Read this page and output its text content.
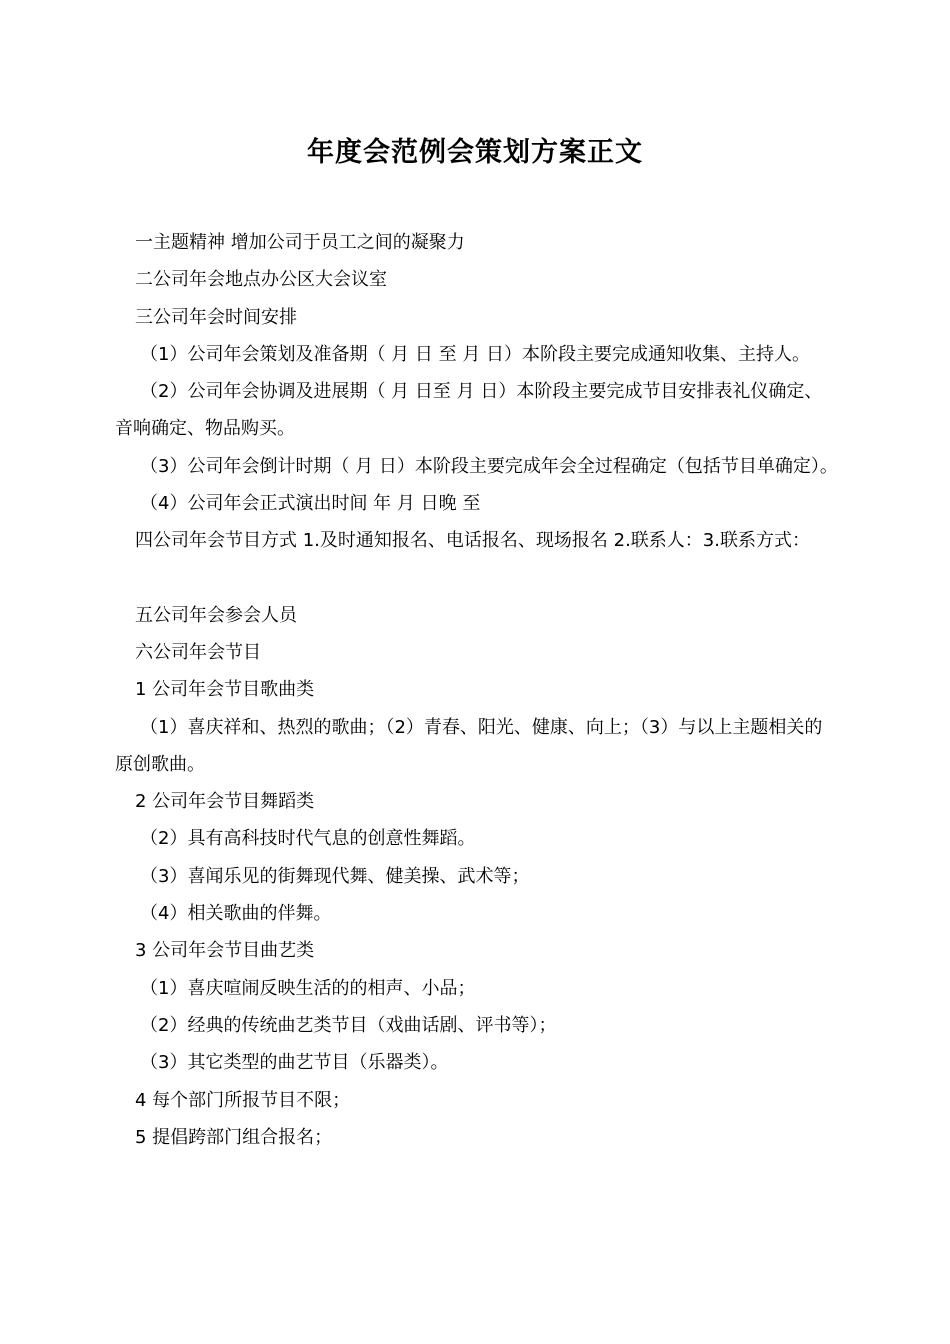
年度会范例会策划方案正文

一主题精神 增加公司于员工之间的凝聚力

二公司年会地点办公区大会议室

三公司年会时间安排

（1）公司年会策划及准备期（ 月 日 至 月 日）本阶段主要完成通知收集、主持人。

（2）公司年会协调及进展期（ 月 日至 月 日）本阶段主要完成节目安排表礼仪确定、音响确定、物品购买。

（3）公司年会倒计时期（ 月 日）本阶段主要完成年会全过程确定（包括节目单确定）。

（4）公司年会正式演出时间 年 月 日晚 至

四公司年会节目方式 1.及时通知报名、电话报名、现场报名 2.联系人：3.联系方式：

五公司年会参会人员

六公司年会节目

1 公司年会节目歌曲类

（1）喜庆祥和、热烈的歌曲；（2）青春、阳光、健康、向上；（3）与以上主题相关的原创歌曲。

2 公司年会节目舞蹈类

（2）具有高科技时代气息的创意性舞蹈。

（3）喜闻乐见的街舞现代舞、健美操、武术等；

（4）相关歌曲的伴舞。

3 公司年会节目曲艺类

（1）喜庆喧闹反映生活的的相声、小品；

（2）经典的传统曲艺类节目（戏曲话剧、评书等）；

（3）其它类型的曲艺节目（乐器类）。

4 每个部门所报节目不限；

5 提倡跨部门组合报名；
